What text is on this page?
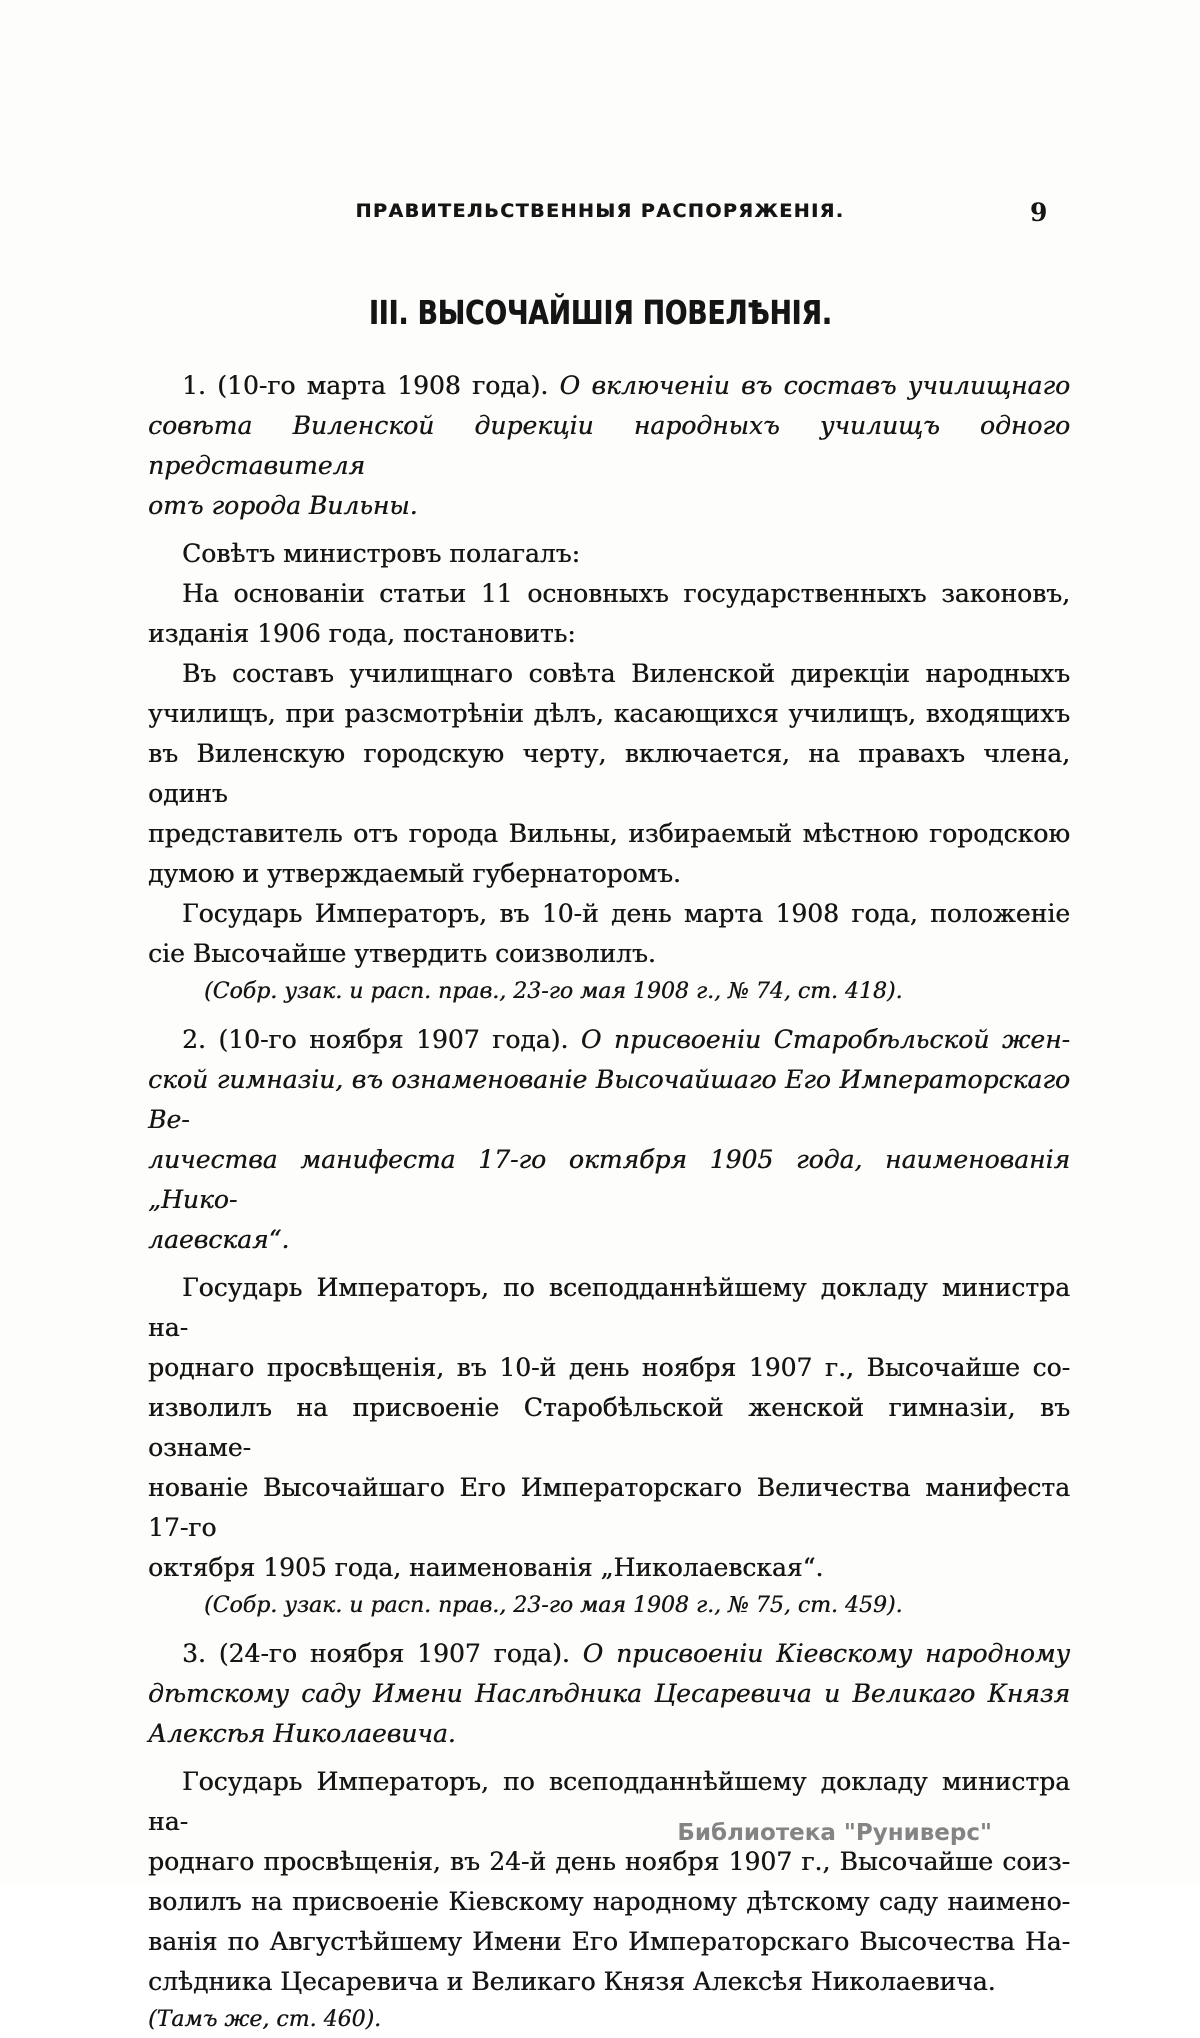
ПРАВИТЕЛЬСТВЕННЫЯ РАСПОРЯЖЕНІЯ.	9
III. ВЫСОЧАЙШІЯ ПОВЕЛѢНІЯ.
1. (10-го марта 1908 года). О включеніи въ составъ училищнаго
совѣта Виленской дирекціи народныхъ училищъ одного представителя
отъ города Вильны.
Совѣтъ министровъ полагалъ:
На основаніи статьи 11 основныхъ государственныхъ законовъ,
изданія 1906 года, постановить:
Въ составъ училищнаго совѣта Виленской дирекціи народныхъ
училищъ, при разсмотрѣніи дѣлъ, касающихся училищъ, входящихъ
въ Виленскую городскую черту, включается, на правахъ члена, одинъ
представитель отъ города Вильны, избираемый мѣстною городскою
думою и утверждаемый губернаторомъ.
Государь Императоръ, въ 10-й день марта 1908 года, положеніе
сіе Высочайше утвердить соизволилъ.
(Собр. узак. и расп. прав., 23-го мая 1908 г., № 74, ст. 418).
2. (10-го ноября 1907 года). О присвоеніи Старобѣльской жен-
ской гимназіи, въ ознаменованіе Высочайшаго Его Императорскаго Ве-
личества манифеста 17-го октября 1905 года, наименованія „Нико-
лаевская“.
Государь Императоръ, по всеподданнѣйшему докладу министра на-
роднаго просвѣщенія, въ 10-й день ноября 1907 г., Высочайше со-
изволилъ на присвоеніе Старобѣльской женской гимназіи, въ ознаме-
нованіе Высочайшаго Его Императорскаго Величества манифеста 17-го
октября 1905 года, наименованія „Николаевская“.
(Собр. узак. и расп. прав., 23-го мая 1908 г., № 75, ст. 459).
3. (24-го ноября 1907 года). О присвоеніи Кіевскому народному
дѣтскому саду Имени Наслѣдника Цесаревича и Великаго Князя
Алексѣя Николаевича.
Государь Императоръ, по всеподданнѣйшему докладу министра на-
роднаго просвѣщенія, въ 24-й день ноября 1907 г., Высочайше соиз-
волилъ на присвоеніе Кіевскому народному дѣтскому саду наимено-
ванія по Августѣйшему Имени Его Императорскаго Высочества На-
слѣдника Цесаревича и Великаго Князя Алексѣя Николаевича.
(Тамъ же, ст. 460).
Библиотека "Руниверс"
